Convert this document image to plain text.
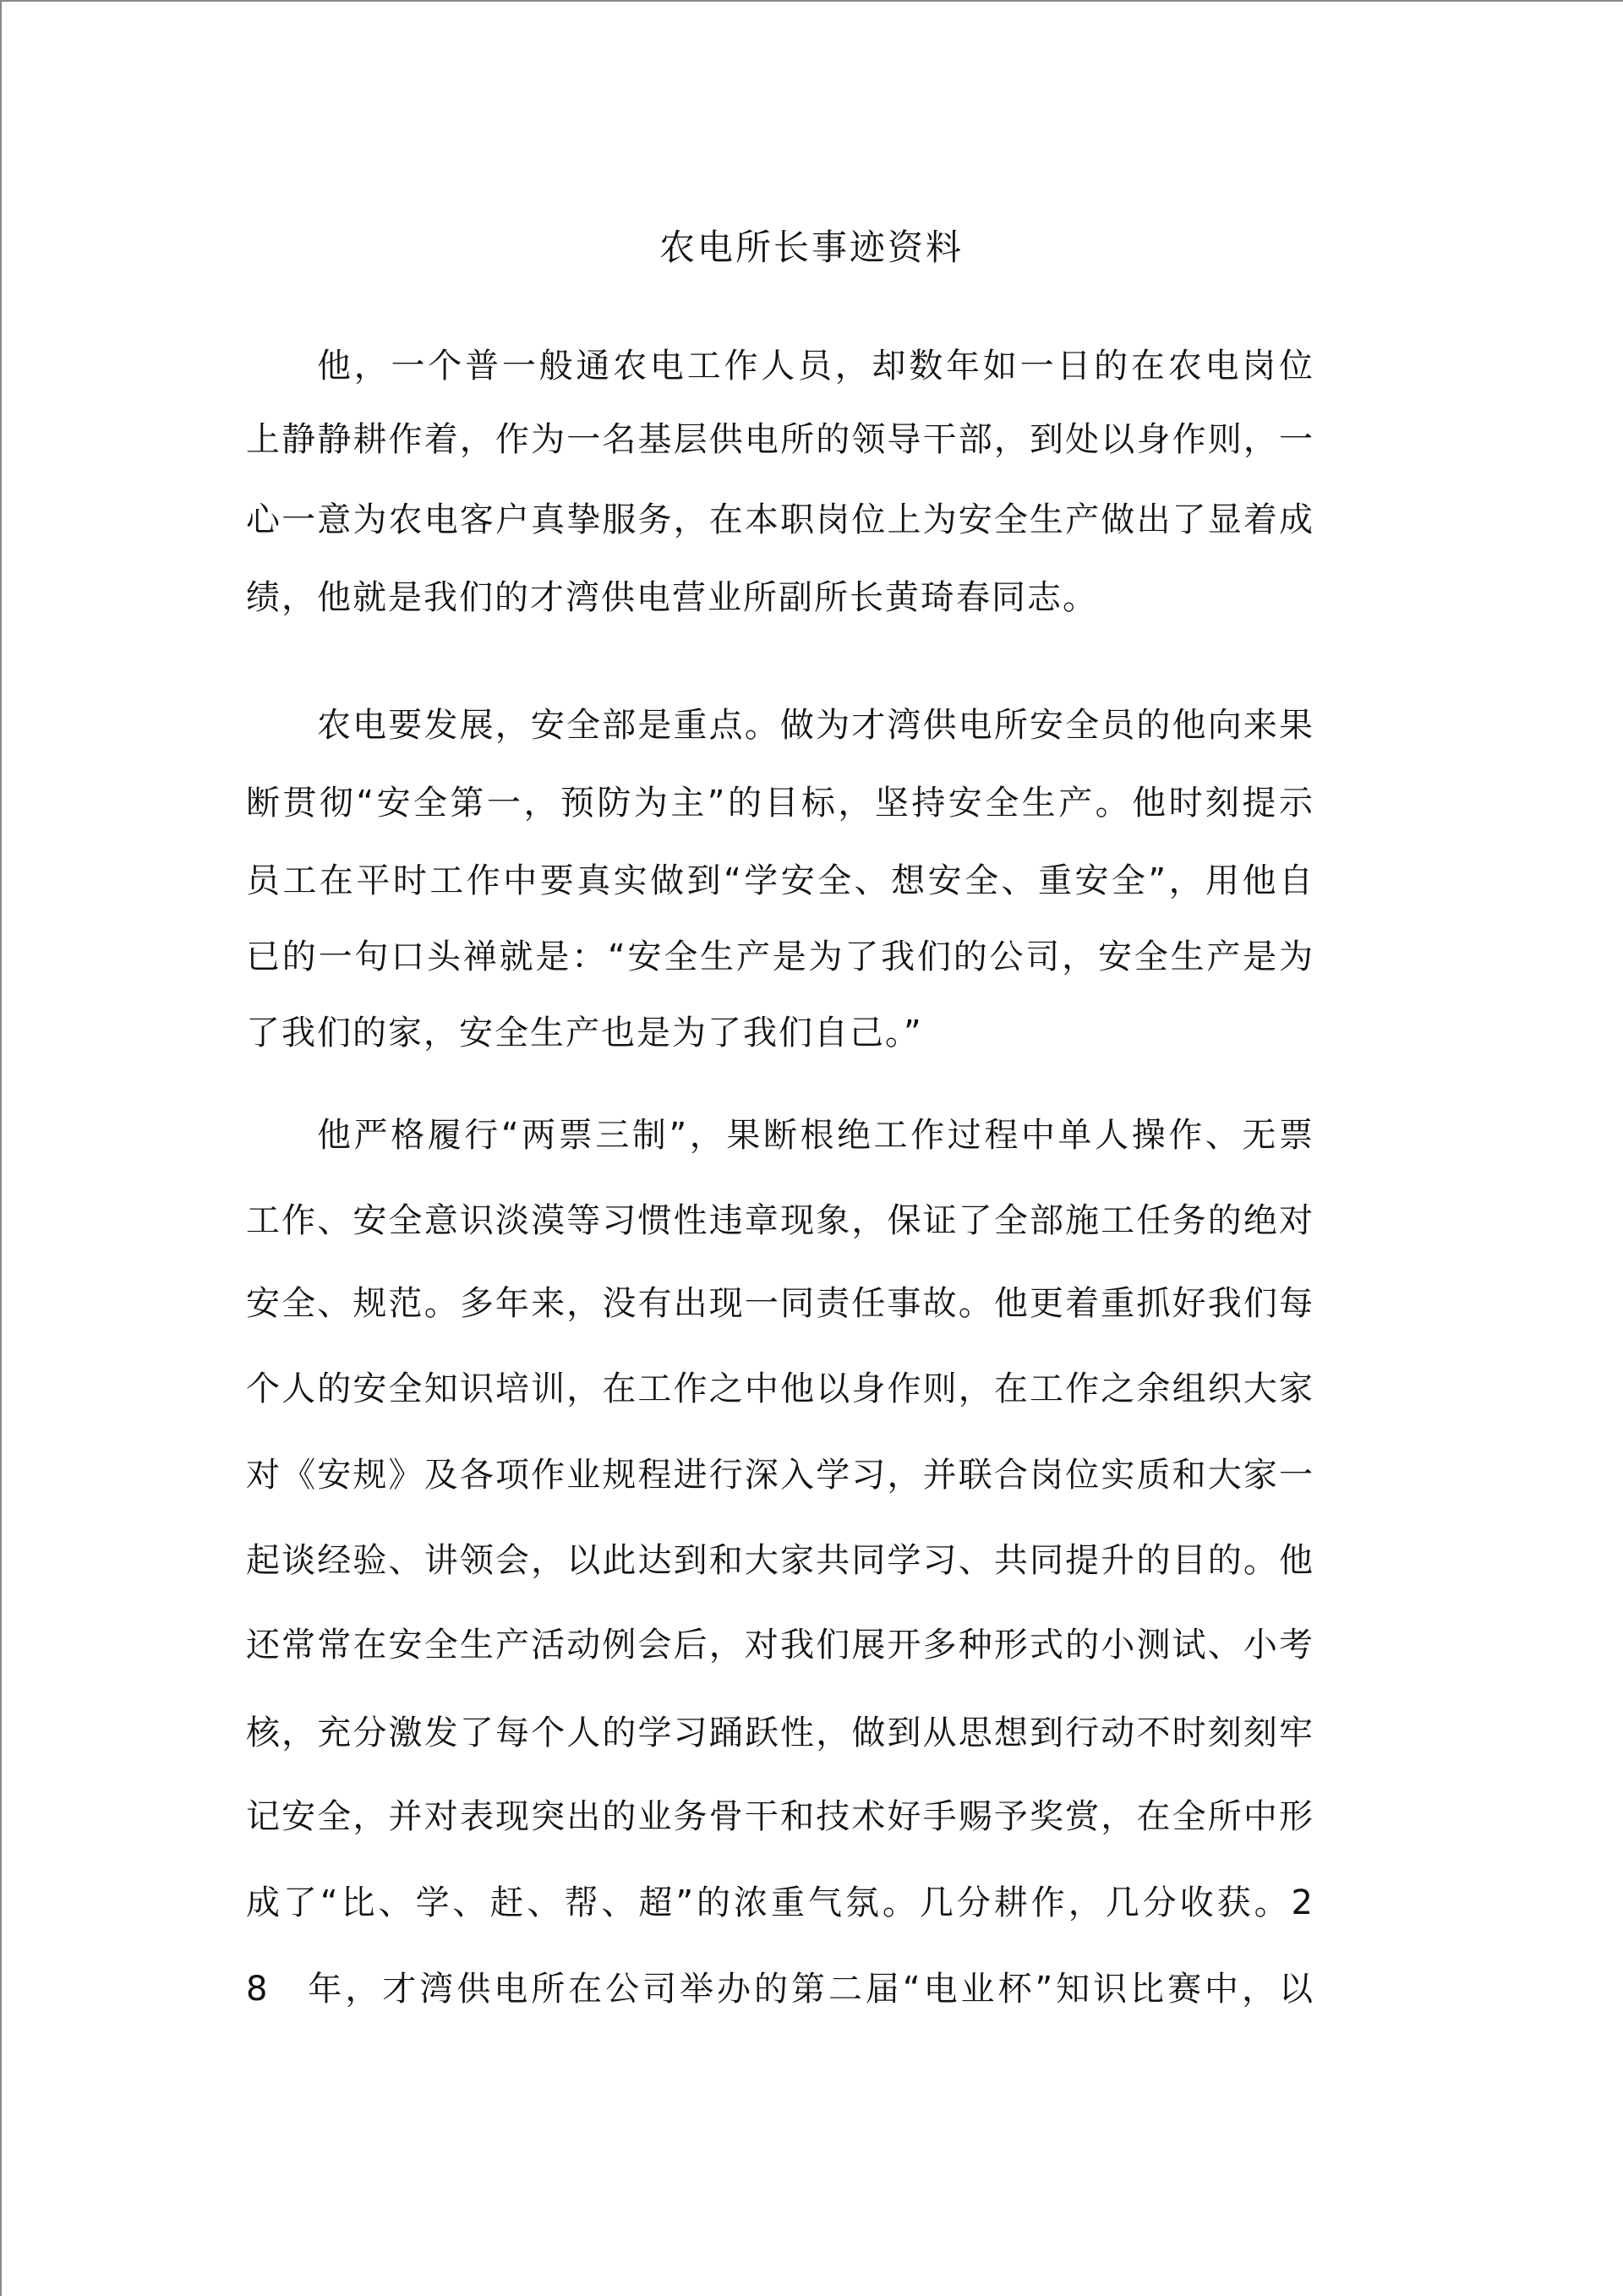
农电所长事迹资料
他，一个普一般通农电工作人员，却数年如一日的在农电岗位
上静静耕作着，作为一名基层供电所的领导干部，到处以身作则，一
心一意为农电客户真挚服务，在本职岗位上为安全生产做出了显着成
绩，他就是我们的才湾供电营业所副所长黄琦春同志。
农电要发展，安全部是重点。做为才湾供电所安全员的他向来果
断贯彻“安全第一，预防为主”的目标，坚持安全生产。他时刻提示
员工在平时工作中要真实做到“学安全、想安全、重安全”，用他自
已的一句口头禅就是：“安全生产是为了我们的公司，安全生产是为
了我们的家，安全生产也是为了我们自己。”
他严格履行“两票三制”，果断根绝工作过程中单人操作、无票
工作、安全意识淡漠等习惯性违章现象，保证了全部施工任务的绝对
安全、规范。多年来，没有出现一同责任事故。他更着重抓好我们每
个人的安全知识培训，在工作之中他以身作则，在工作之余组织大家
对《安规》及各项作业规程进行深入学习，并联合岗位实质和大家一
起谈经验、讲领会，以此达到和大家共同学习、共同提升的目的。他
还常常在安全生产活动例会后，对我们展开多种形式的小测试、小考
核，充分激发了每个人的学习踊跃性，做到从思想到行动不时刻刻牢
记安全，并对表现突出的业务骨干和技术好手赐予奖赏，在全所中形
成了“比、学、赶、帮、超”的浓重气氛。几分耕作，几分收获。2
8　年，才湾供电所在公司举办的第二届“电业杯”知识比赛中，以
